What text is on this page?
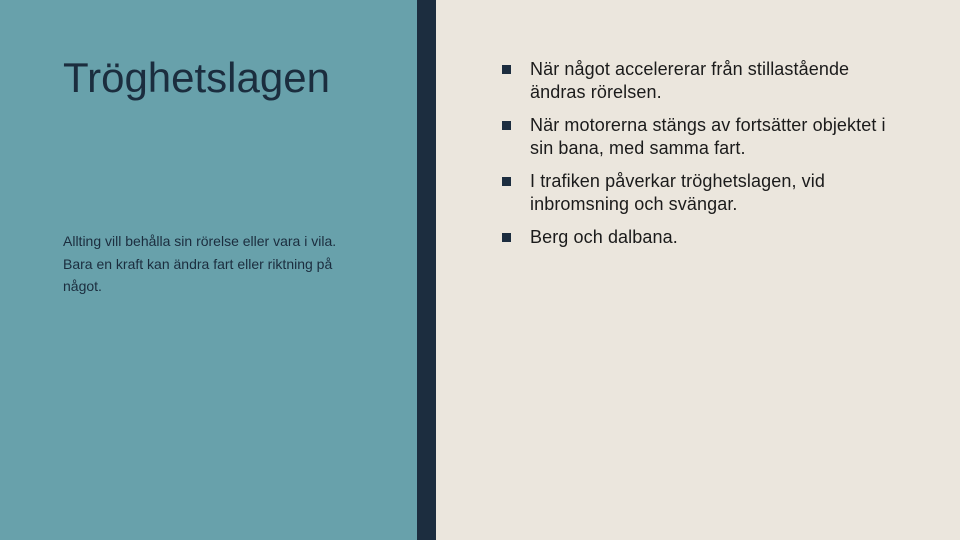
Tröghetslagen

Allting vill behålla sin rörelse eller vara i vila. Bara en kraft kan ändra fart eller riktning på något.

När något accelererar från stillastående ändras rörelsen.
När motorerna stängs av fortsätter objektet i sin bana, med samma fart.
I trafiken påverkar tröghetslagen, vid inbromsning och svängar.
Berg och dalbana.
